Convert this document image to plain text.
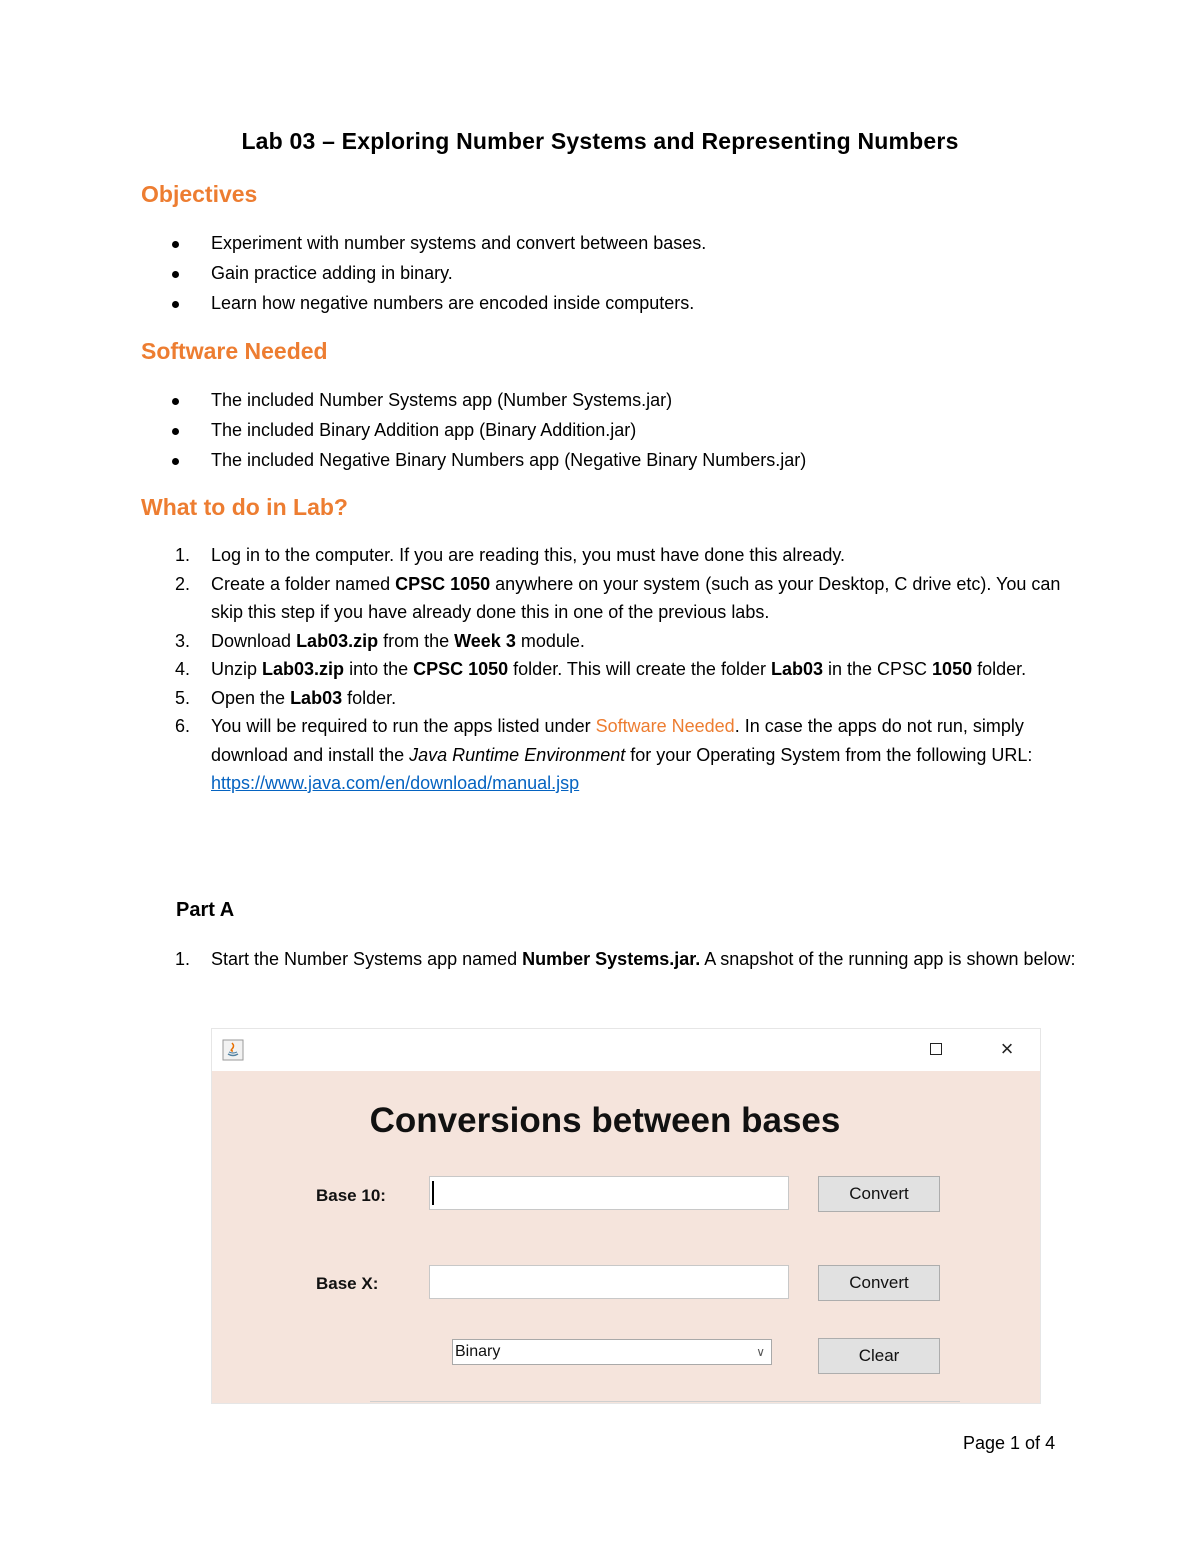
Lab 03 – Exploring Number Systems and Representing Numbers
Objectives
Experiment with number systems and convert between bases.
Gain practice adding in binary.
Learn how negative numbers are encoded inside computers.
Software Needed
The included Number Systems app (Number Systems.jar)
The included Binary Addition app (Binary Addition.jar)
The included Negative Binary Numbers app (Negative Binary Numbers.jar)
What to do in Lab?
1. Log in to the computer. If you are reading this, you must have done this already.
2. Create a folder named CPSC 1050 anywhere on your system (such as your Desktop, C drive etc). You can skip this step if you have already done this in one of the previous labs.
3. Download Lab03.zip from the Week 3 module.
4. Unzip Lab03.zip into the CPSC 1050 folder. This will create the folder Lab03 in the CPSC 1050 folder.
5. Open the Lab03 folder.
6. You will be required to run the apps listed under Software Needed. In case the apps do not run, simply download and install the Java Runtime Environment for your Operating System from the following URL:
https://www.java.com/en/download/manual.jsp
Part A
1. Start the Number Systems app named Number Systems.jar. A snapshot of the running app is shown below:
×
Conversions between bases
Base 10:	Convert
Base X:	Convert
Binary	∨	Clear
Page 1 of 4
